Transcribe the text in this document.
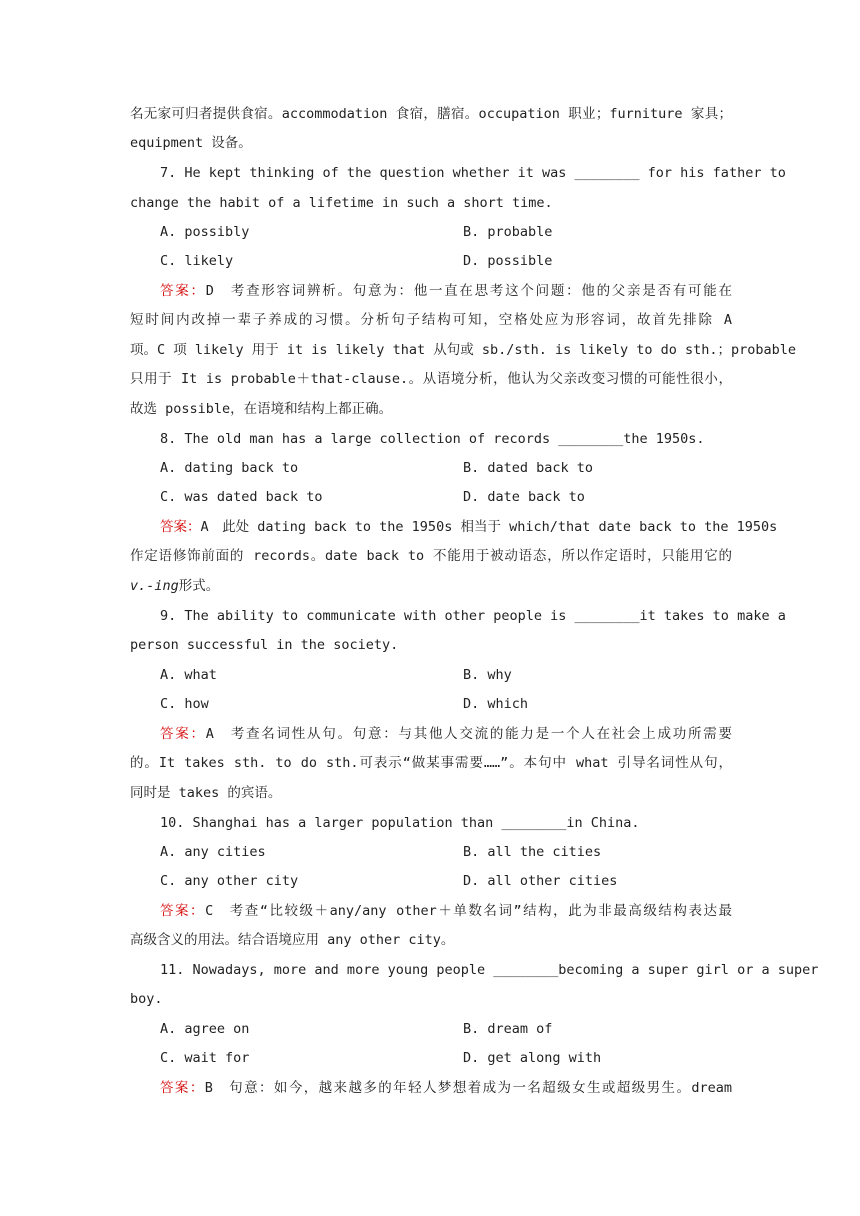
名无家可归者提供食宿。accommodation 食宿，膳宿。occupation 职业；furniture 家具；
equipment 设备。
7. He kept thinking of the question whether it was ________ for his father to
change the habit of a lifetime in such a short time.
A. possibly	B. probable
C. likely	D. possible
答案：D　考查形容词辨析。句意为：他一直在思考这个问题：他的父亲是否有可能在
短时间内改掉一辈子养成的习惯。分析句子结构可知，空格处应为形容词，故首先排除 A
项。C 项 likely 用于 it is likely that 从句或 sb./sth. is likely to do sth.；probable
只用于 It is probable＋that-clause.。从语境分析，他认为父亲改变习惯的可能性很小，
故选 possible，在语境和结构上都正确。
8. The old man has a large collection of records ________the 1950s.
A. dating back to	B. dated back to
C. was dated back to	D. date back to
答案：A　此处 dating back to the 1950s 相当于 which/that date back to the 1950s
作定语修饰前面的 records。date back to 不能用于被动语态，所以作定语时，只能用它的
v.-ing形式。
9. The ability to communicate with other people is ________it takes to make a
person successful in the society.
A. what	B. why
C. how	D. which
答案：A　考查名词性从句。句意：与其他人交流的能力是一个人在社会上成功所需要
的。It takes sth. to do sth.可表示“做某事需要……”。本句中 what 引导名词性从句，
同时是 takes 的宾语。
10. Shanghai has a larger population than ________in China.
A. any cities	B. all the cities
C. any other city	D. all other cities
答案：C　考查“比较级＋any/any other＋单数名词”结构，此为非最高级结构表达最
高级含义的用法。结合语境应用 any other city。
11. Nowadays, more and more young people ________becoming a super girl or a super
boy.
A. agree on	B. dream of
C. wait for	D. get along with
答案：B　句意：如今，越来越多的年轻人梦想着成为一名超级女生或超级男生。dream
